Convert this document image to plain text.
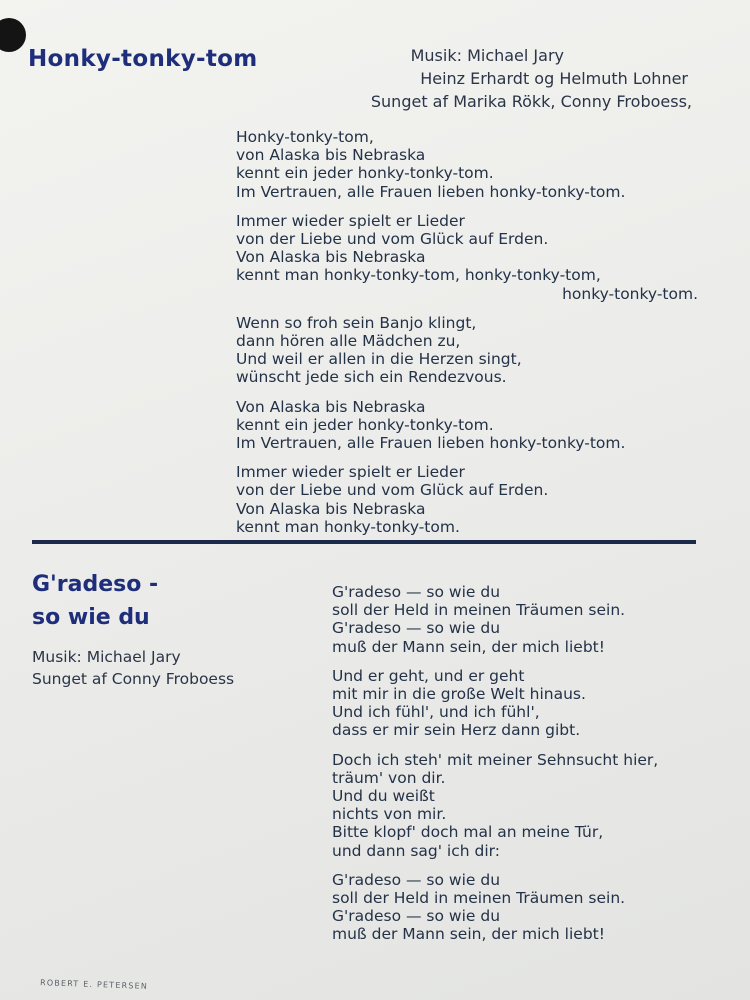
Honky-tonky-tom	Musik: Michael Jary
Heinz Erhardt og Helmuth Lohner
Sunget af Marika Rökk, Conny Froboess,
Honky-tonky-tom,
von Alaska bis Nebraska
kennt ein jeder honky-tonky-tom.
Im Vertrauen, alle Frauen lieben honky-tonky-tom.
Immer wieder spielt er Lieder
von der Liebe und vom Glück auf Erden.
Von Alaska bis Nebraska
kennt man honky-tonky-tom, honky-tonky-tom,
honky-tonky-tom.
Wenn so froh sein Banjo klingt,
dann hören alle Mädchen zu,
Und weil er allen in die Herzen singt,
wünscht jede sich ein Rendezvous.
Von Alaska bis Nebraska
kennt ein jeder honky-tonky-tom.
Im Vertrauen, alle Frauen lieben honky-tonky-tom.
Immer wieder spielt er Lieder
von der Liebe und vom Glück auf Erden.
Von Alaska bis Nebraska
kennt man honky-tonky-tom.
G'radeso -
so wie du
Musik: Michael Jary
Sunget af Conny Froboess
G'radeso — so wie du
soll der Held in meinen Träumen sein.
G'radeso — so wie du
muß der Mann sein, der mich liebt!
Und er geht, und er geht
mit mir in die große Welt hinaus.
Und ich fühl', und ich fühl',
dass er mir sein Herz dann gibt.
Doch ich steh' mit meiner Sehnsucht hier,
träum' von dir.
Und du weißt
nichts von mir.
Bitte klopf' doch mal an meine Tür,
und dann sag' ich dir:
G'radeso — so wie du
soll der Held in meinen Träumen sein.
G'radeso — so wie du
muß der Mann sein, der mich liebt!
ROBERT E. PETERSEN
